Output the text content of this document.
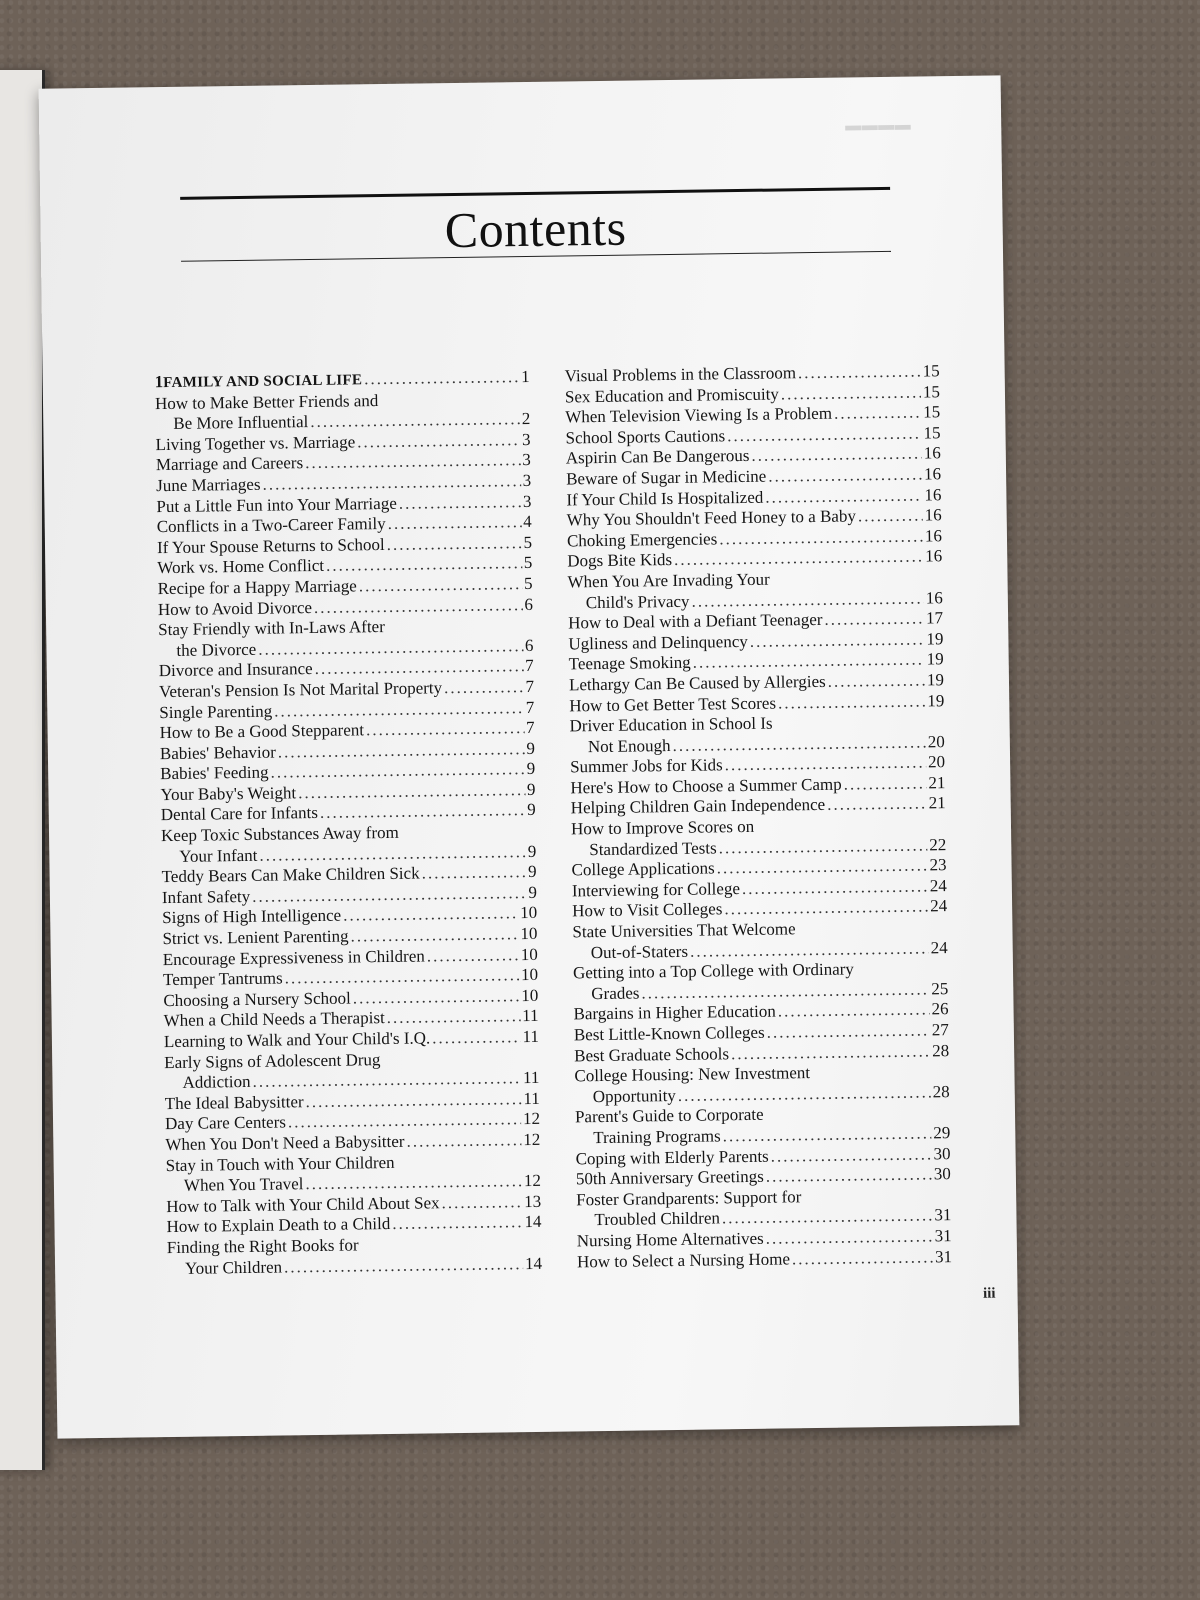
▬▬▬▬
Contents
1 FAMILY AND SOCIAL LIFE .....	1
How to Make Better Friends and
Be More Influential .....	2
Living Together vs. Marriage .....	3
Marriage and Careers .....	3
June Marriages .....	3
Put a Little Fun into Your Marriage .....	3
Conflicts in a Two-Career Family .....	4
If Your Spouse Returns to School .....	5
Work vs. Home Conflict .....	5
Recipe for a Happy Marriage .....	5
How to Avoid Divorce .....	6
Stay Friendly with In-Laws After
the Divorce .....	6
Divorce and Insurance .....	7
Veteran's Pension Is Not Marital Property .....	7
Single Parenting .....	7
How to Be a Good Stepparent .....	7
Babies' Behavior .....	9
Babies' Feeding .....	9
Your Baby's Weight .....	9
Dental Care for Infants .....	9
Keep Toxic Substances Away from
Your Infant .....	9
Teddy Bears Can Make Children Sick .....	9
Infant Safety .....	9
Signs of High Intelligence .....	10
Strict vs. Lenient Parenting .....	10
Encourage Expressiveness in Children .....	10
Temper Tantrums .....	10
Choosing a Nursery School .....	10
When a Child Needs a Therapist .....	11
Learning to Walk and Your Child's I.Q. .....	11
Early Signs of Adolescent Drug
Addiction .....	11
The Ideal Babysitter .....	11
Day Care Centers .....	12
When You Don't Need a Babysitter .....	12
Stay in Touch with Your Children
When You Travel .....	12
How to Talk with Your Child About Sex .....	13
How to Explain Death to a Child .....	14
Finding the Right Books for
Your Children .....	14
Visual Problems in the Classroom .....	15
Sex Education and Promiscuity .....	15
When Television Viewing Is a Problem .....	15
School Sports Cautions .....	15
Aspirin Can Be Dangerous .....	16
Beware of Sugar in Medicine .....	16
If Your Child Is Hospitalized .....	16
Why You Shouldn't Feed Honey to a Baby .....	16
Choking Emergencies .....	16
Dogs Bite Kids .....	16
When You Are Invading Your
Child's Privacy .....	16
How to Deal with a Defiant Teenager .....	17
Ugliness and Delinquency .....	19
Teenage Smoking .....	19
Lethargy Can Be Caused by Allergies .....	19
How to Get Better Test Scores .....	19
Driver Education in School Is
Not Enough .....	20
Summer Jobs for Kids .....	20
Here's How to Choose a Summer Camp .....	21
Helping Children Gain Independence .....	21
How to Improve Scores on
Standardized Tests .....	22
College Applications .....	23
Interviewing for College .....	24
How to Visit Colleges .....	24
State Universities That Welcome
Out-of-Staters .....	24
Getting into a Top College with Ordinary
Grades .....	25
Bargains in Higher Education .....	26
Best Little-Known Colleges .....	27
Best Graduate Schools .....	28
College Housing: New Investment
Opportunity .....	28
Parent's Guide to Corporate
Training Programs .....	29
Coping with Elderly Parents .....	30
50th Anniversary Greetings .....	30
Foster Grandparents: Support for
Troubled Children .....	31
Nursing Home Alternatives .....	31
How to Select a Nursing Home .....	31
iii
